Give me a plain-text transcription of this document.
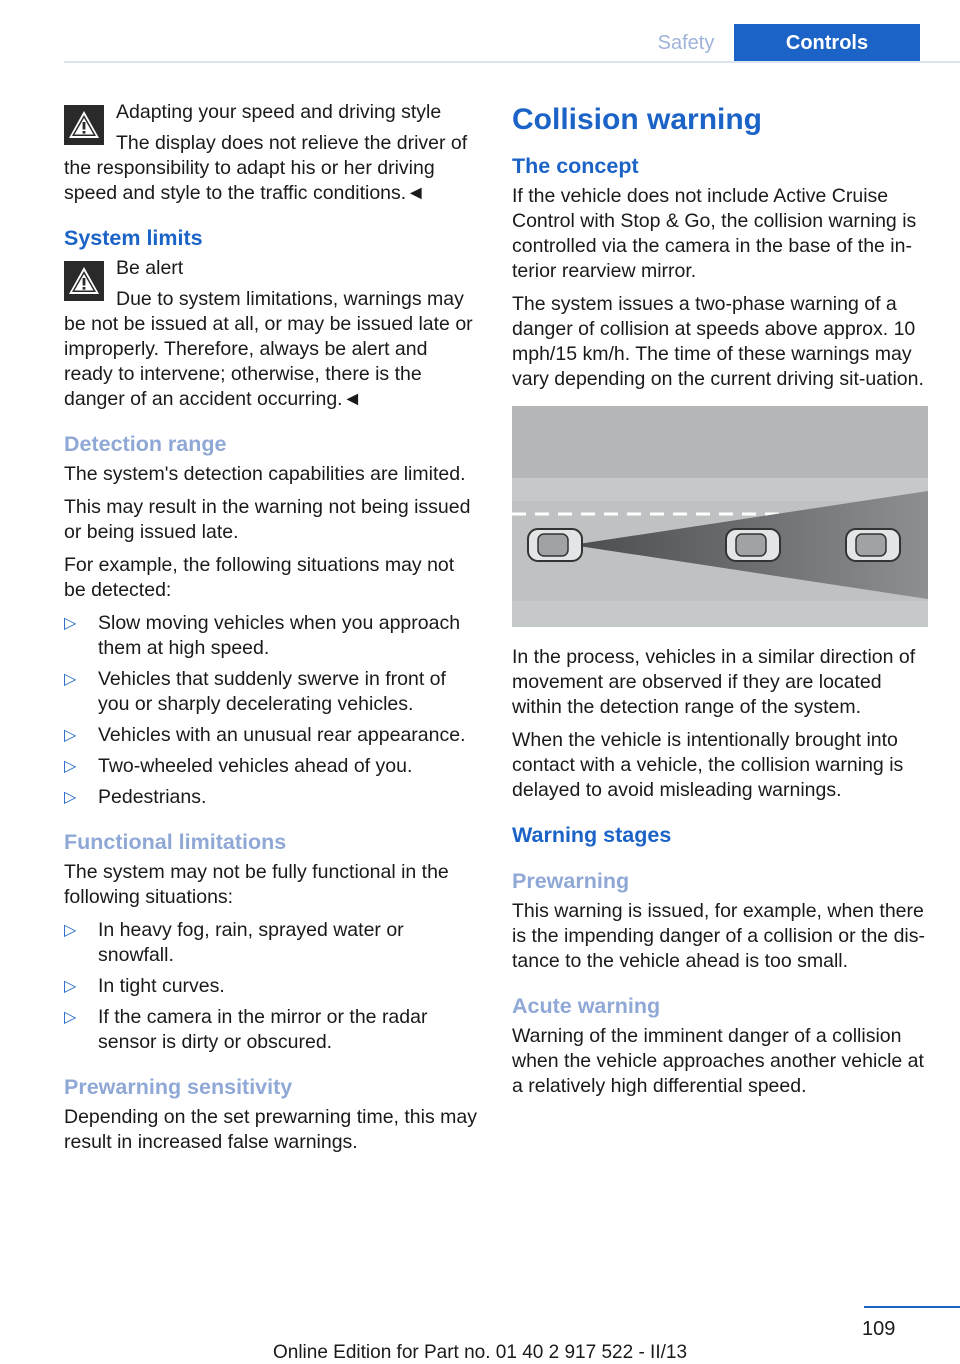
Safety	Controls
Adapting your speed and driving style
The display does not relieve the driver of the responsibility to adapt his or her driving speed and style to the traffic conditions.◄
System limits
Be alert
Due to system limitations, warnings may be not be issued at all, or may be issued late or improperly. Therefore, always be alert and ready to intervene; otherwise, there is the danger of an accident occurring.◄
Detection range

The system's detection capabilities are limited.

This may result in the warning not being issued or being issued late.

For example, the following situations may not be detected:

▷ Slow moving vehicles when you approach them at high speed.
▷ Vehicles that suddenly swerve in front of you or sharply decelerating vehicles.
▷ Vehicles with an unusual rear appearance.
▷ Two-wheeled vehicles ahead of you.
▷ Pedestrians.
Functional limitations

The system may not be fully functional in the following situations:

▷ In heavy fog, rain, sprayed water or snowfall.
▷ In tight curves.
▷ If the camera in the mirror or the radar sensor is dirty or obscured.
Prewarning sensitivity

Depending on the set prewarning time, this may result in increased false warnings.

Collision warning
The concept

If the vehicle does not include Active Cruise Control with Stop & Go, the collision warning is controlled via the camera in the base of the in-terior rearview mirror.

The system issues a two-phase warning of a danger of collision at speeds above approx. 10 mph/15 km/h. The time of these warnings may vary depending on the current driving sit-uation.

In the process, vehicles in a similar direction of movement are observed if they are located within the detection range of the system.

When the vehicle is intentionally brought into contact with a vehicle, the collision warning is delayed to avoid misleading warnings.

Warning stages
Prewarning

This warning is issued, for example, when there is the impending danger of a collision or the dis-tance to the vehicle ahead is too small.

Acute warning

Warning of the imminent danger of a collision when the vehicle approaches another vehicle at a relatively high differential speed.

109
Online Edition for Part no. 01 40 2 917 522 - II/13
